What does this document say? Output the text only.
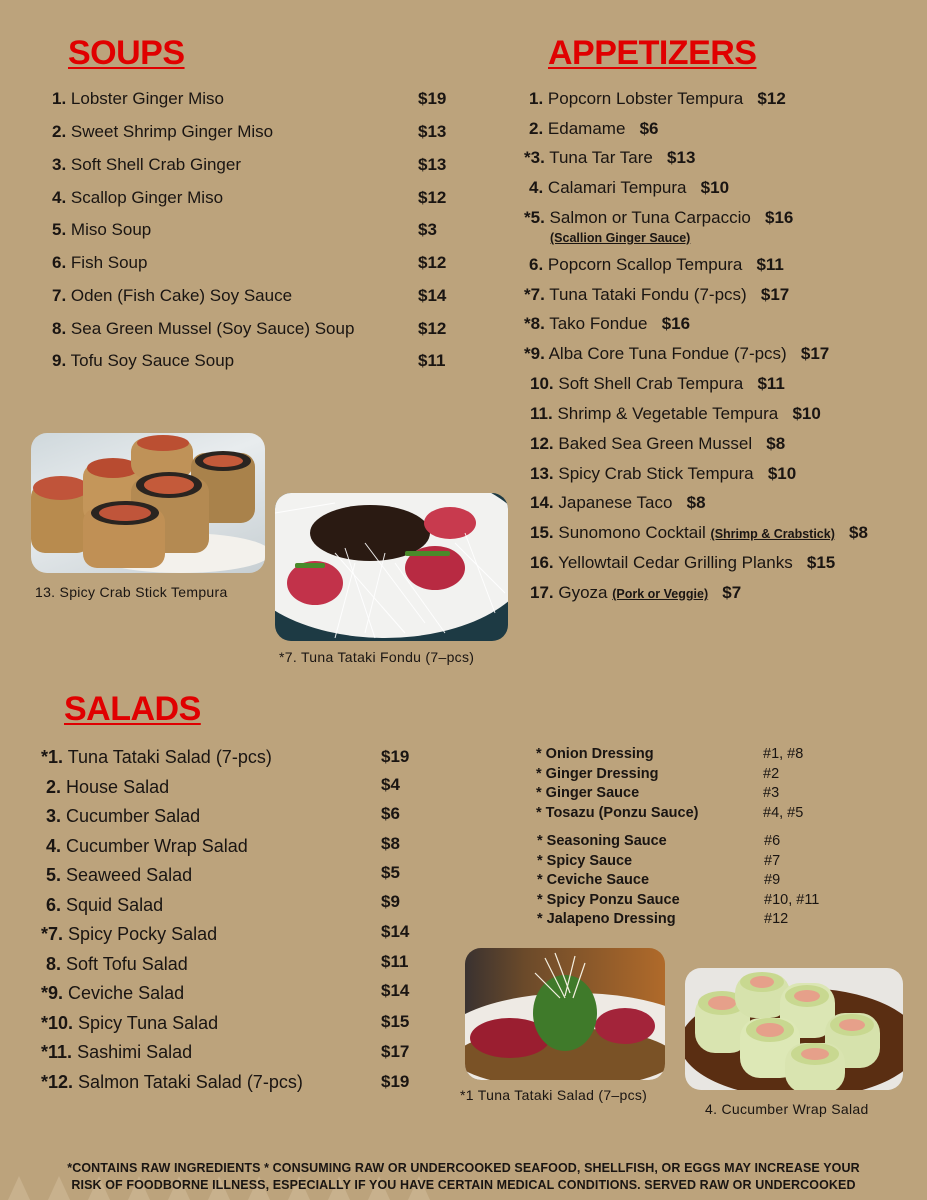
SOUPS
1. Lobster Ginger Miso	$19
2. Sweet Shrimp Ginger Miso	$13
3. Soft Shell Crab Ginger	$13
4. Scallop Ginger Miso	$12
5. Miso Soup	$3
6. Fish Soup	$12
7. Oden (Fish Cake) Soy Sauce	$14
8. Sea Green Mussel (Soy Sauce) Soup	$12
9. Tofu Soy Sauce Soup	$11
APPETIZERS
1. Popcorn Lobster Tempura $12
2. Edamame $6
*3. Tuna Tar Tare $13
4. Calamari Tempura $10
*5. Salmon or Tuna Carpaccio $16
(Scallion Ginger Sauce)
6. Popcorn Scallop Tempura $11
*7. Tuna Tataki Fondu (7-pcs) $17
*8. Tako Fondue $16
*9. Alba Core Tuna Fondue (7-pcs) $17
10. Soft Shell Crab Tempura $11
11. Shrimp & Vegetable Tempura $10
12. Baked Sea Green Mussel $8
13. Spicy Crab Stick Tempura $10
14. Japanese Taco $8
15. Sunomono Cocktail (Shrimp & Crabstick) $8
16. Yellowtail Cedar Grilling Planks $15
17. Gyoza (Pork or Veggie) $7
13. Spicy Crab Stick Tempura
*7. Tuna Tataki Fondu (7–pcs)
SALADS
*1. Tuna Tataki Salad (7-pcs)	$19
2. House Salad	$4
3. Cucumber Salad	$6
4. Cucumber Wrap Salad	$8
5. Seaweed Salad	$5
6. Squid Salad	$9
*7. Spicy Pocky Salad	$14
8. Soft Tofu Salad	$11
*9. Ceviche Salad	$14
*10. Spicy Tuna Salad	$15
*11. Sashimi Salad	$17
*12. Salmon Tataki Salad (7-pcs)	$19
* Onion Dressing	#1, #8
* Ginger Dressing	#2
* Ginger Sauce	#3
* Tosazu (Ponzu Sauce)	#4, #5
* Seasoning Sauce	#6
* Spicy Sauce	#7
* Ceviche Sauce	#9
* Spicy Ponzu Sauce	#10, #11
* Jalapeno Dressing	#12
*1 Tuna Tataki Salad (7–pcs)
4. Cucumber Wrap Salad
*CONTAINS RAW INGREDIENTS * CONSUMING RAW OR UNDERCOOKED SEAFOOD, SHELLFISH, OR EGGS MAY INCREASE YOUR
RISK OF FOODBORNE ILLNESS, ESPECIALLY IF YOU HAVE CERTAIN MEDICAL CONDITIONS. SERVED RAW OR UNDERCOOKED
